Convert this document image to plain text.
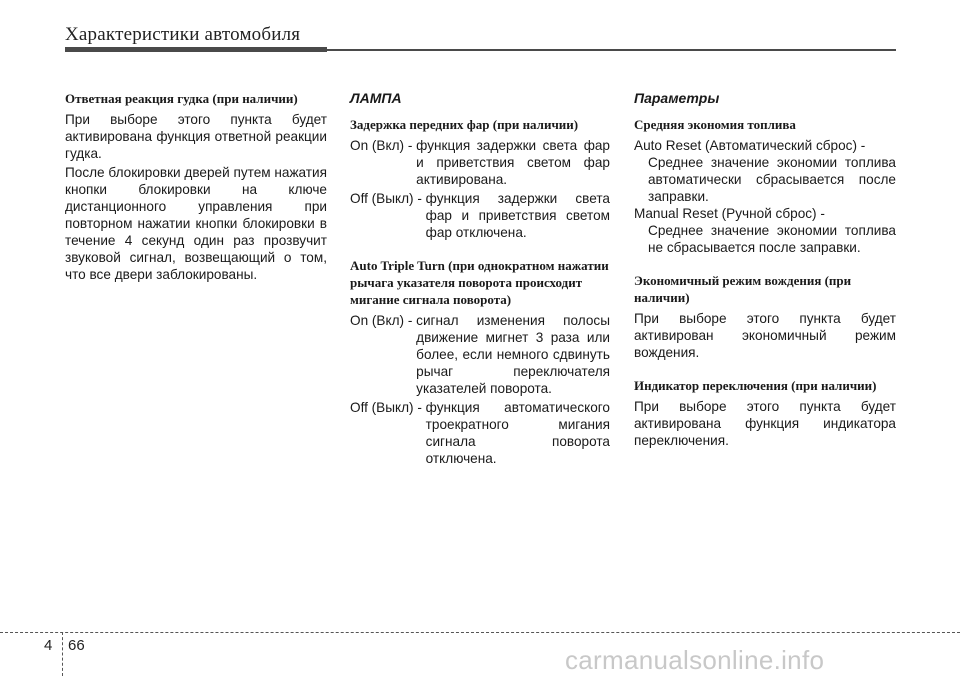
Характеристики автомобиля
Ответная реакция гудка (при наличии)

При выборе этого пункта будет активирована функция ответной реакции гудка.

После блокировки дверей путем нажатия кнопки блокировки на ключе дистанционного управления при повторном нажатии кнопки блокировки в течение 4 секунд один раз прозвучит звуковой сигнал, возвещающий о том, что все двери заблокированы.

ЛАМПА
Задержка передних фар (при наличии)
On (Вкл) - функция задержки света фар и приветствия светом фар активирована.
Off (Выкл) - функция задержки света фар и приветствия светом фар отключена.
Auto Triple Turn (при однократном нажатии рычага указателя поворота происходит мигание сигнала поворота)
On (Вкл) - сигнал изменения полосы движение мигнет 3 раза или более, если немного сдвинуть рычаг переключателя указателей поворота.
Off (Выкл) - функция автоматического троекратного мигания сигнала поворота отключена.
Параметры
Средняя экономия топлива

Auto Reset (Автоматический сброс) -

Среднее значение экономии топлива автоматически сбрасывается после заправки.

Manual Reset (Ручной сброс) -

Среднее значение экономии топлива не сбрасывается после заправки.

Экономичный режим вождения (при наличии)

При выборе этого пункта будет активирован экономичный режим вождения.

Индикатор переключения (при наличии)

При выборе этого пункта будет активирована функция индикатора переключения.

4 66	carmanualsonline.info
